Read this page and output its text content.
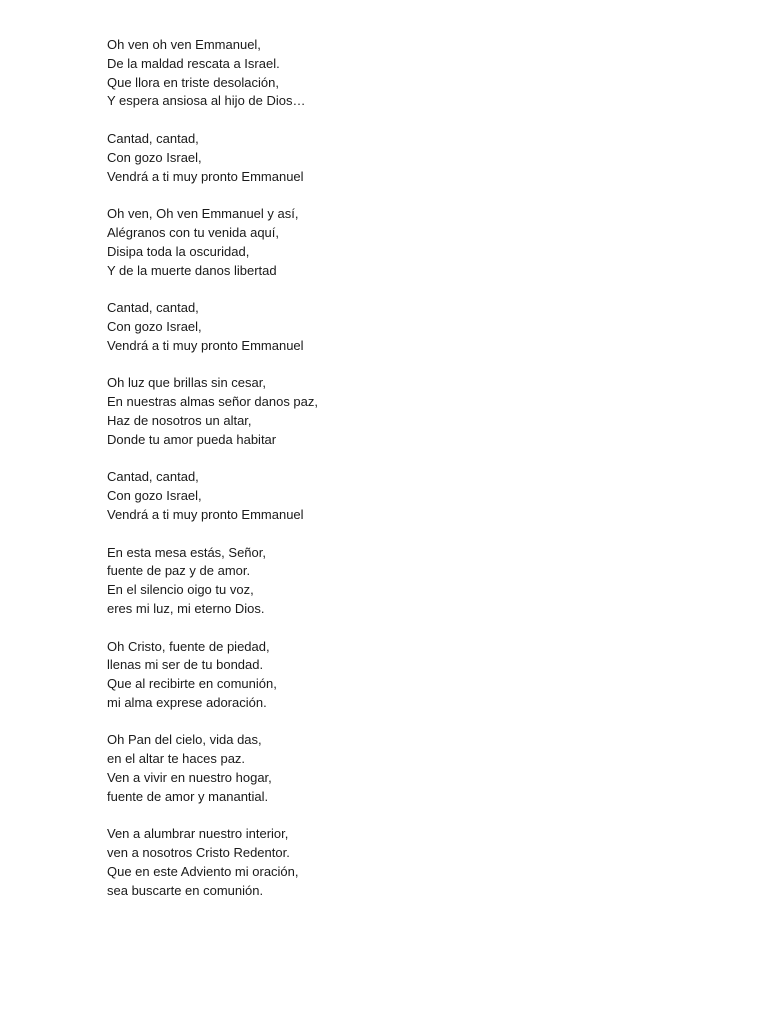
Oh ven oh ven Emmanuel,
De la maldad rescata a Israel.
Que llora en triste desolación,
Y espera ansiosa al hijo de Dios…
Cantad, cantad,
Con gozo Israel,
Vendrá a ti muy pronto Emmanuel
Oh ven, Oh ven Emmanuel y así,
Alégranos con tu venida aquí,
Disipa toda la oscuridad,
Y de la muerte danos libertad
Cantad, cantad,
Con gozo Israel,
Vendrá a ti muy pronto Emmanuel
Oh luz que brillas sin cesar,
En nuestras almas señor danos paz,
Haz de nosotros un altar,
Donde tu amor pueda habitar
Cantad, cantad,
Con gozo Israel,
Vendrá a ti muy pronto Emmanuel
En esta mesa estás, Señor,
fuente de paz y de amor.
En el silencio oigo tu voz,
eres mi luz, mi eterno Dios.
Oh Cristo, fuente de piedad,
llenas mi ser de tu bondad.
Que al recibirte en comunión,
mi alma exprese adoración.
Oh Pan del cielo, vida das,
en el altar te haces paz.
Ven a vivir en nuestro hogar,
fuente de amor y manantial.
Ven a alumbrar nuestro interior,
ven a nosotros Cristo Redentor.
Que en este Adviento mi oración,
sea buscarte en comunión.
